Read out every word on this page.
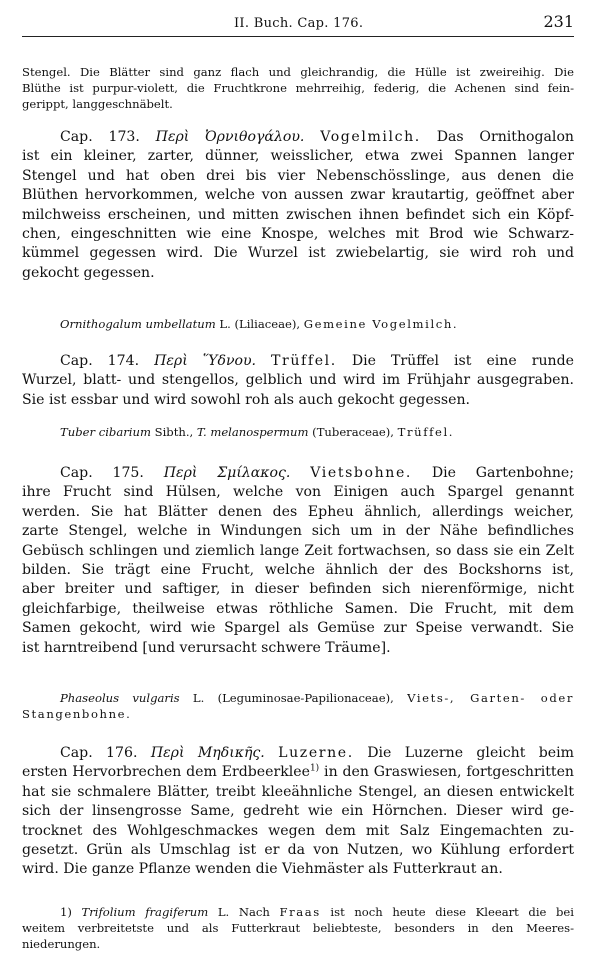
II. Buch. Cap. 176.	231
Stengel. Die Blätter sind ganz flach und gleichrandig, die Hülle ist zweireihig. Die
Blüthe ist purpur-violett, die Fruchtkrone mehrreihig, federig, die Achenen sind fein-
gerippt, langgeschnäbelt.
Cap. 173. Περὶ Ὀρνιθογάλου. Vogelmilch. Das Ornithogalon
ist ein kleiner, zarter, dünner, weisslicher, etwa zwei Spannen langer
Stengel und hat oben drei bis vier Nebenschösslinge, aus denen die
Blüthen hervorkommen, welche von aussen zwar krautartig, geöffnet aber
milchweiss erscheinen, und mitten zwischen ihnen befindet sich ein Köpf-
chen, eingeschnitten wie eine Knospe, welches mit Brod wie Schwarz-
kümmel gegessen wird. Die Wurzel ist zwiebelartig, sie wird roh und
gekocht gegessen.
Ornithogalum umbellatum L. (Liliaceae), Gemeine Vogelmilch.
Cap. 174. Περὶ Ὕδνου. Trüffel. Die Trüffel ist eine runde
Wurzel, blatt- und stengellos, gelblich und wird im Frühjahr ausgegraben.
Sie ist essbar und wird sowohl roh als auch gekocht gegessen.
Tuber cibarium Sibth., T. melanospermum (Tuberaceae), Trüffel.
Cap. 175. Περὶ Σμίλακος. Vietsbohne. Die Gartenbohne;
ihre Frucht sind Hülsen, welche von Einigen auch Spargel genannt
werden. Sie hat Blätter denen des Epheu ähnlich, allerdings weicher,
zarte Stengel, welche in Windungen sich um in der Nähe befindliches
Gebüsch schlingen und ziemlich lange Zeit fortwachsen, so dass sie ein Zelt
bilden. Sie trägt eine Frucht, welche ähnlich der des Bockshorns ist,
aber breiter und saftiger, in dieser befinden sich nierenförmige, nicht
gleichfarbige, theilweise etwas röthliche Samen. Die Frucht, mit dem
Samen gekocht, wird wie Spargel als Gemüse zur Speise verwandt. Sie
ist harntreibend [und verursacht schwere Träume].
Phaseolus vulgaris L. (Leguminosae-Papilionaceae), Viets-, Garten- oder
Stangenbohne.
Cap. 176. Περὶ Μηδικῆς. Luzerne. Die Luzerne gleicht beim
ersten Hervorbrechen dem Erdbeerklee$^{1)}$ in den Graswiesen, fortgeschritten
hat sie schmalere Blätter, treibt kleeähnliche Stengel, an diesen entwickelt
sich der linsengrosse Same, gedreht wie ein Hörnchen. Dieser wird ge-
trocknet des Wohlgeschmackes wegen dem mit Salz Eingemachten zu-
gesetzt. Grün als Umschlag ist er da von Nutzen, wo Kühlung erfordert
wird. Die ganze Pflanze wenden die Viehmäster als Futterkraut an.
1) Trifolium fragiferum L. Nach Fraas ist noch heute diese Kleeart die bei
weitem verbreitetste und als Futterkraut beliebteste, besonders in den Meeres-
niederungen.
